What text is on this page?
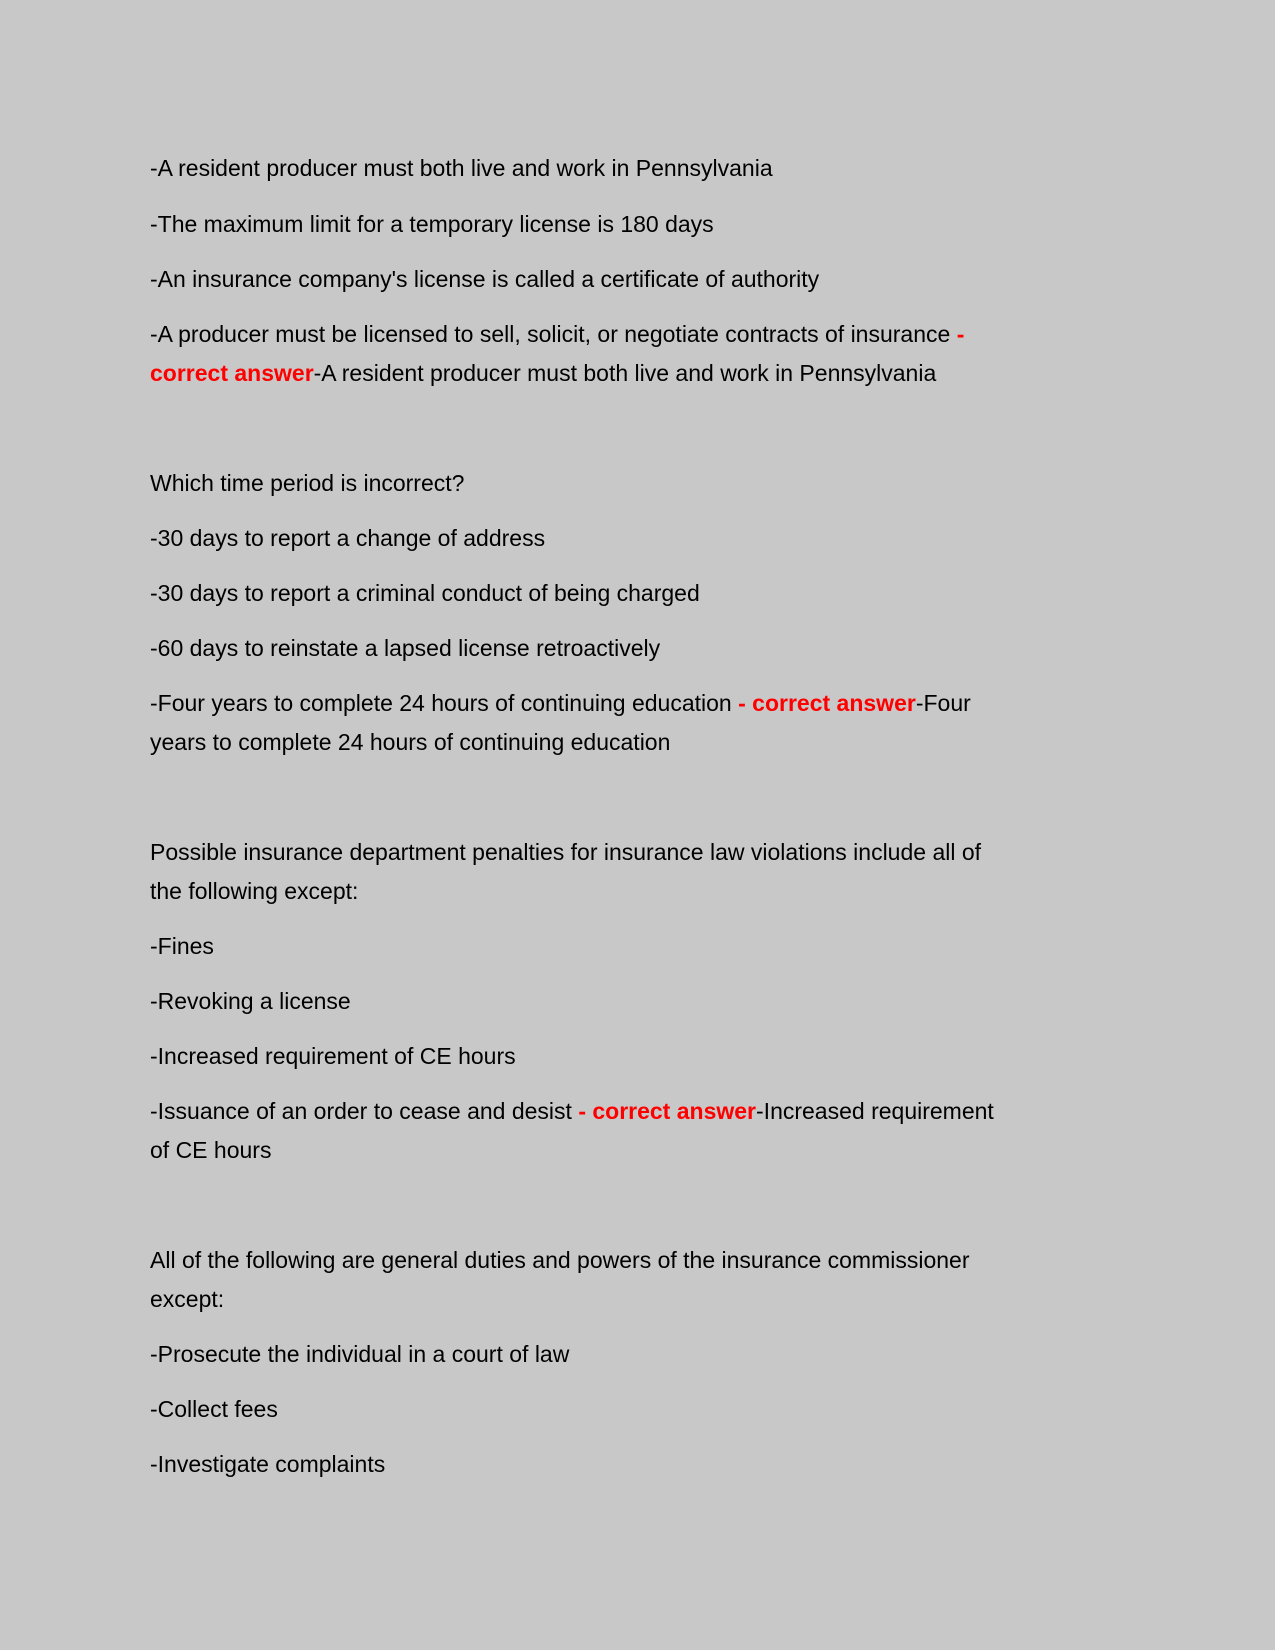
-A resident producer must both live and work in Pennsylvania
-The maximum limit for a temporary license is 180 days
-An insurance company's license is called a certificate of authority
-A producer must be licensed to sell, solicit, or negotiate contracts of insurance -
correct answer-A resident producer must both live and work in Pennsylvania
Which time period is incorrect?
-30 days to report a change of address
-30 days to report a criminal conduct of being charged
-60 days to reinstate a lapsed license retroactively
-Four years to complete 24 hours of continuing education - correct answer-Four
years to complete 24 hours of continuing education
Possible insurance department penalties for insurance law violations include all of
the following except:
-Fines
-Revoking a license
-Increased requirement of CE hours
-Issuance of an order to cease and desist - correct answer-Increased requirement
of CE hours
All of the following are general duties and powers of the insurance commissioner
except:
-Prosecute the individual in a court of law
-Collect fees
-Investigate complaints
